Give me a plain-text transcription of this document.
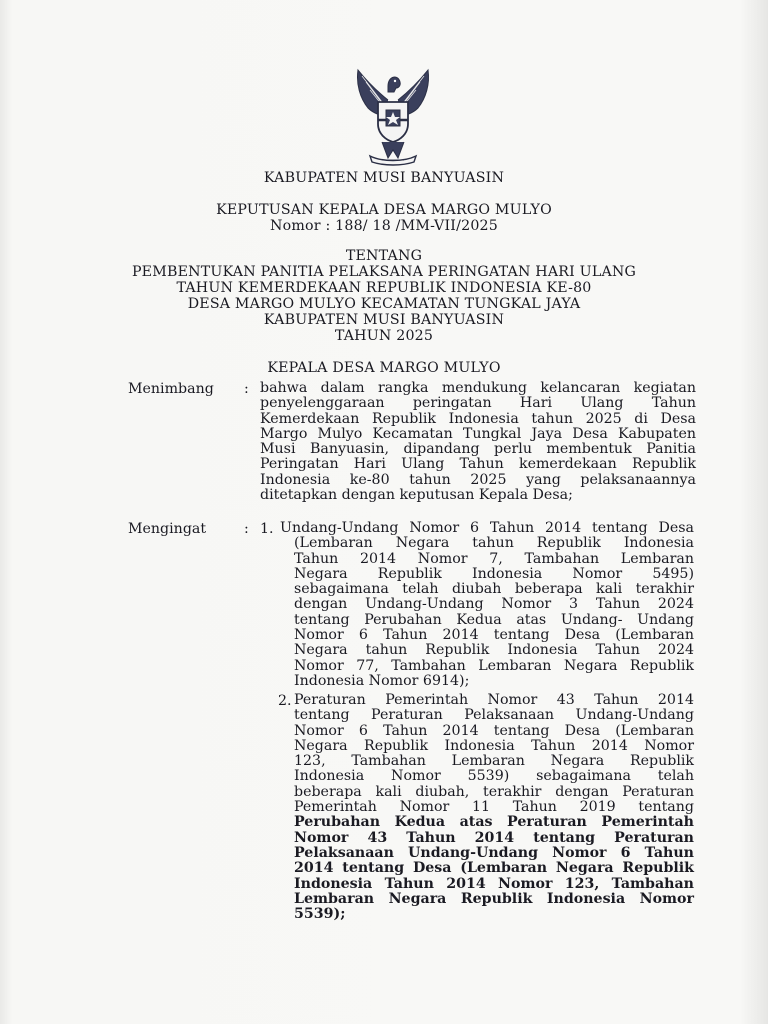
KABUPATEN MUSI BANYUASIN
KEPUTUSAN KEPALA DESA MARGO MULYO
Nomor : 188/ 18 /MM-VII/2025
TENTANG
PEMBENTUKAN PANITIA PELAKSANA PERINGATAN HARI ULANG
TAHUN KEMERDEKAAN REPUBLIK INDONESIA KE-80
DESA MARGO MULYO KECAMATAN TUNGKAL JAYA
KABUPATEN MUSI BANYUASIN
TAHUN 2025
KEPALA DESA MARGO MULYO
Menimbang : bahwa dalam rangka mendukung kelancaran kegiatan
penyelenggaraan peringatan Hari Ulang Tahun
Kemerdekaan Republik Indonesia tahun 2025 di Desa
Margo Mulyo Kecamatan Tungkal Jaya Desa Kabupaten
Musi Banyuasin, dipandang perlu membentuk Panitia
Peringatan Hari Ulang Tahun kemerdekaan Republik
Indonesia ke-80 tahun 2025 yang pelaksanaannya
ditetapkan dengan keputusan Kepala Desa;
Mengingat	: 1. Undang-Undang Nomor 6 Tahun 2014 tentang Desa
(Lembaran Negara tahun Republik Indonesia
Tahun 2014 Nomor 7, Tambahan Lembaran
Negara Republik Indonesia Nomor 5495)
sebagaimana telah diubah beberapa kali terakhir
dengan Undang-Undang Nomor 3 Tahun 2024
tentang Perubahan Kedua atas Undang- Undang
Nomor 6 Tahun 2014 tentang Desa (Lembaran
Negara tahun Republik Indonesia Tahun 2024
Nomor 77, Tambahan Lembaran Negara Republik
Indonesia Nomor 6914);
2. Peraturan Pemerintah Nomor 43 Tahun 2014
tentang Peraturan Pelaksanaan Undang-Undang
Nomor 6 Tahun 2014 tentang Desa (Lembaran
Negara Republik Indonesia Tahun 2014 Nomor
123, Tambahan Lembaran Negara Republik
Indonesia Nomor 5539) sebagaimana telah
beberapa kali diubah, terakhir dengan Peraturan
Pemerintah Nomor 11 Tahun 2019 tentang
Perubahan Kedua atas Peraturan Pemerintah
Nomor 43 Tahun 2014 tentang Peraturan
Pelaksanaan Undang-Undang Nomor 6 Tahun
2014 tentang Desa (Lembaran Negara Republik
Indonesia Tahun 2014 Nomor 123, Tambahan
Lembaran Negara Republik Indonesia Nomor
5539);
